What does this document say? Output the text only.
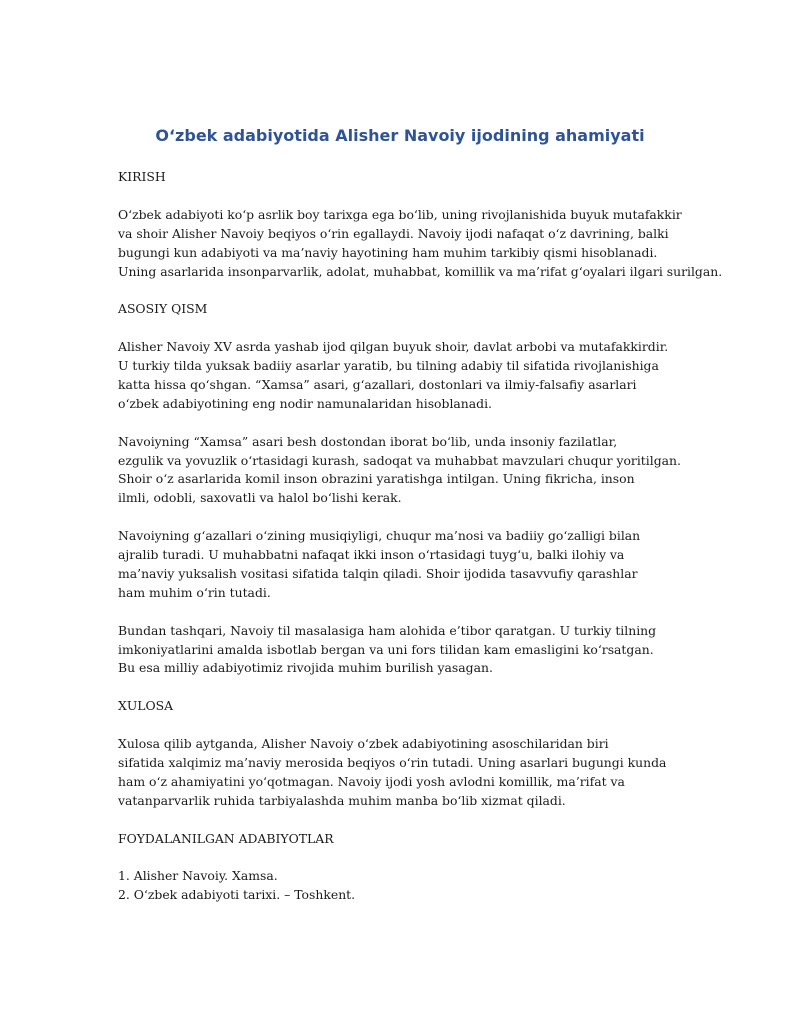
O‘zbek adabiyotida Alisher Navoiy ijodining ahamiyati
KIRISH
O‘zbek adabiyoti ko‘p asrlik boy tarixga ega bo‘lib, uning rivojlanishida buyuk mutafakkir
va shoir Alisher Navoiy beqiyos o‘rin egallaydi. Navoiy ijodi nafaqat o‘z davrining, balki
bugungi kun adabiyoti va ma’naviy hayotining ham muhim tarkibiy qismi hisoblanadi.
Uning asarlarida insonparvarlik, adolat, muhabbat, komillik va ma’rifat g‘oyalari ilgari surilgan.
ASOSIY QISM
Alisher Navoiy XV asrda yashab ijod qilgan buyuk shoir, davlat arbobi va mutafakkirdir.
U turkiy tilda yuksak badiiy asarlar yaratib, bu tilning adabiy til sifatida rivojlanishiga
katta hissa qo‘shgan. “Xamsa” asari, g‘azallari, dostonlari va ilmiy-falsafiy asarlari
o‘zbek adabiyotining eng nodir namunalaridan hisoblanadi.
Navoiyning “Xamsa” asari besh dostondan iborat bo‘lib, unda insoniy fazilatlar,
ezgulik va yovuzlik o‘rtasidagi kurash, sadoqat va muhabbat mavzulari chuqur yoritilgan.
Shoir o‘z asarlarida komil inson obrazini yaratishga intilgan. Uning fikricha, inson
ilmli, odobli, saxovatli va halol bo‘lishi kerak.
Navoiyning g‘azallari o‘zining musiqiyligi, chuqur ma’nosi va badiiy go‘zalligi bilan
ajralib turadi. U muhabbatni nafaqat ikki inson o‘rtasidagi tuyg‘u, balki ilohiy va
ma’naviy yuksalish vositasi sifatida talqin qiladi. Shoir ijodida tasavvufiy qarashlar
ham muhim o‘rin tutadi.
Bundan tashqari, Navoiy til masalasiga ham alohida e’tibor qaratgan. U turkiy tilning
imkoniyatlarini amalda isbotlab bergan va uni fors tilidan kam emasligini ko‘rsatgan.
Bu esa milliy adabiyotimiz rivojida muhim burilish yasagan.
XULOSA
Xulosa qilib aytganda, Alisher Navoiy o‘zbek adabiyotining asoschilaridan biri
sifatida xalqimiz ma’naviy merosida beqiyos o‘rin tutadi. Uning asarlari bugungi kunda
ham o‘z ahamiyatini yo‘qotmagan. Navoiy ijodi yosh avlodni komillik, ma’rifat va
vatanparvarlik ruhida tarbiyalashda muhim manba bo‘lib xizmat qiladi.
FOYDALANILGAN ADABIYOTLAR
1. Alisher Navoiy. Xamsa.
2. O‘zbek adabiyoti tarixi. – Toshkent.
